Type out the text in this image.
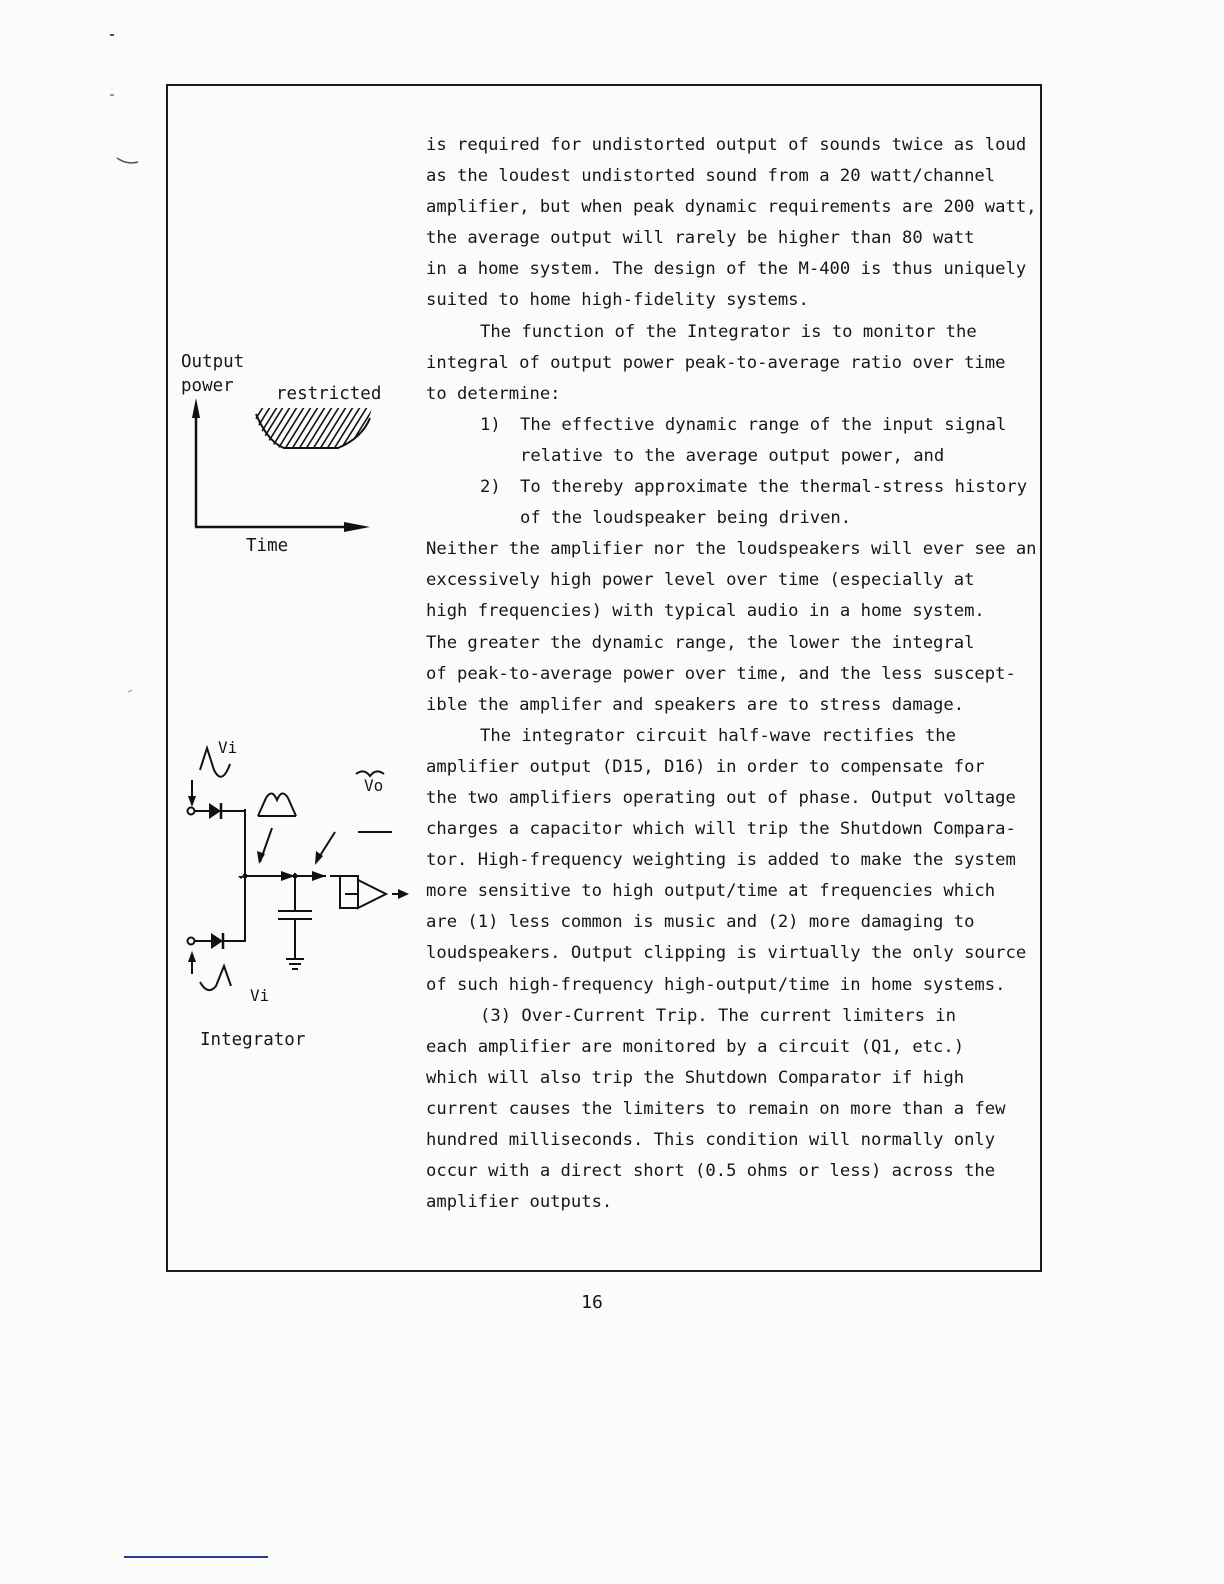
Output
power restricted
Time
Vi
Vo
Vi
Integrator
is required for undistorted output of sounds twice as loud
as the loudest undistorted sound from a 20 watt/channel
amplifier, but when peak dynamic requirements are 200 watt,
the average output will rarely be higher than 80 watt
in a home system. The design of the M-400 is thus uniquely
suited to home high-fidelity systems.
The function of the Integrator is to monitor the
integral of output power peak-to-average ratio over time
to determine:
1) The effective dynamic range of the input signal
relative to the average output power, and
2) To thereby approximate the thermal-stress history
of the loudspeaker being driven.
Neither the amplifier nor the loudspeakers will ever see an
excessively high power level over time (especially at
high frequencies) with typical audio in a home system.
The greater the dynamic range, the lower the integral
of peak-to-average power over time, and the less suscept-
ible the amplifer and speakers are to stress damage.
The integrator circuit half-wave rectifies the
amplifier output (D15, D16) in order to compensate for
the two amplifiers operating out of phase. Output voltage
charges a capacitor which will trip the Shutdown Compara-
tor. High-frequency weighting is added to make the system
more sensitive to high output/time at frequencies which
are (1) less common is music and (2) more damaging to
loudspeakers. Output clipping is virtually the only source
of such high-frequency high-output/time in home systems.
(3) Over-Current Trip. The current limiters in
each amplifier are monitored by a circuit (Q1, etc.)
which will also trip the Shutdown Comparator if high
current causes the limiters to remain on more than a few
hundred milliseconds. This condition will normally only
occur with a direct short (0.5 ohms or less) across the
amplifier outputs.
16
